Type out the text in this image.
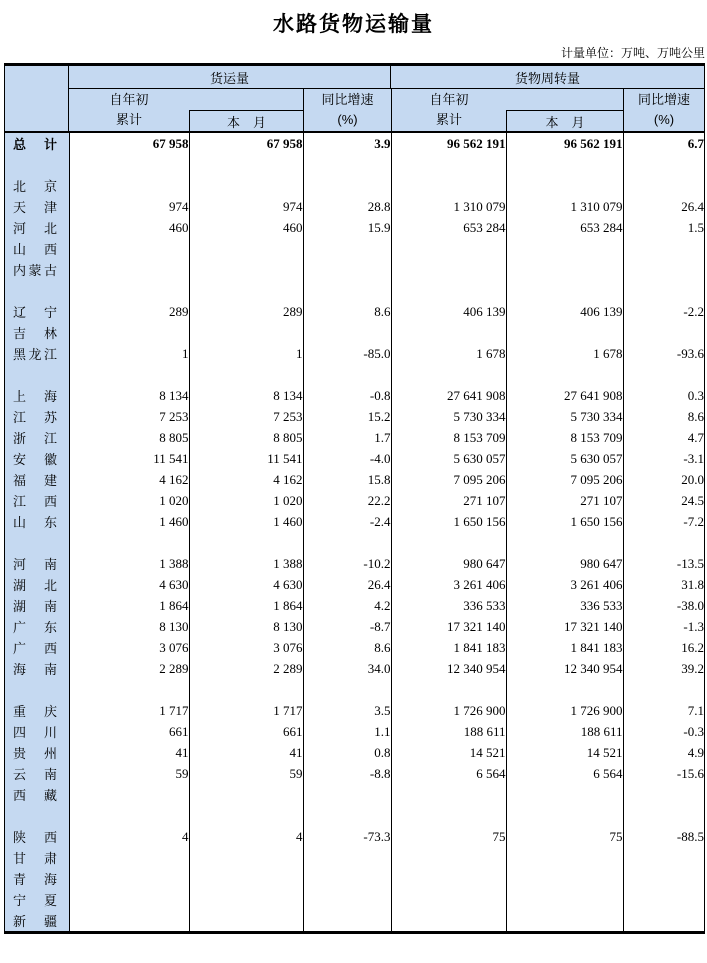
水路货物运输量
计量单位：万吨、万吨公里
货运量	货物周转量
自年初
累计	本　月
同比增速
(%)
自年初
累计	本　月
同比增速
(%)
总计	67 958	67 958	3.9	96 562 191	96 562 191	6.7

北京						

天津	974	974	28.8	1 310 079	1 310 079	26.4

河北	460	460	15.9	653 284	653 284	1.5

山西						

内蒙古						

辽宁	289	289	8.6	406 139	406 139	-2.2

吉林						

黑龙江	1	1	-85.0	1 678	1 678	-93.6

上海	8 134	8 134	-0.8	27 641 908	27 641 908	0.3

江苏	7 253	7 253	15.2	5 730 334	5 730 334	8.6

浙江	8 805	8 805	1.7	8 153 709	8 153 709	4.7

安徽	11 541	11 541	-4.0	5 630 057	5 630 057	-3.1

福建	4 162	4 162	15.8	7 095 206	7 095 206	20.0

江西	1 020	1 020	22.2	271 107	271 107	24.5

山东	1 460	1 460	-2.4	1 650 156	1 650 156	-7.2

河南	1 388	1 388	-10.2	980 647	980 647	-13.5

湖北	4 630	4 630	26.4	3 261 406	3 261 406	31.8

湖南	1 864	1 864	4.2	336 533	336 533	-38.0

广东	8 130	8 130	-8.7	17 321 140	17 321 140	-1.3

广西	3 076	3 076	8.6	1 841 183	1 841 183	16.2

海南	2 289	2 289	34.0	12 340 954	12 340 954	39.2

重庆	1 717	1 717	3.5	1 726 900	1 726 900	7.1

四川	661	661	1.1	188 611	188 611	-0.3

贵州	41	41	0.8	14 521	14 521	4.9

云南	59	59	-8.8	6 564	6 564	-15.6

西藏						

陕西	4	4	-73.3	75	75	-88.5

甘肃						

青海						

宁夏						

新疆						
